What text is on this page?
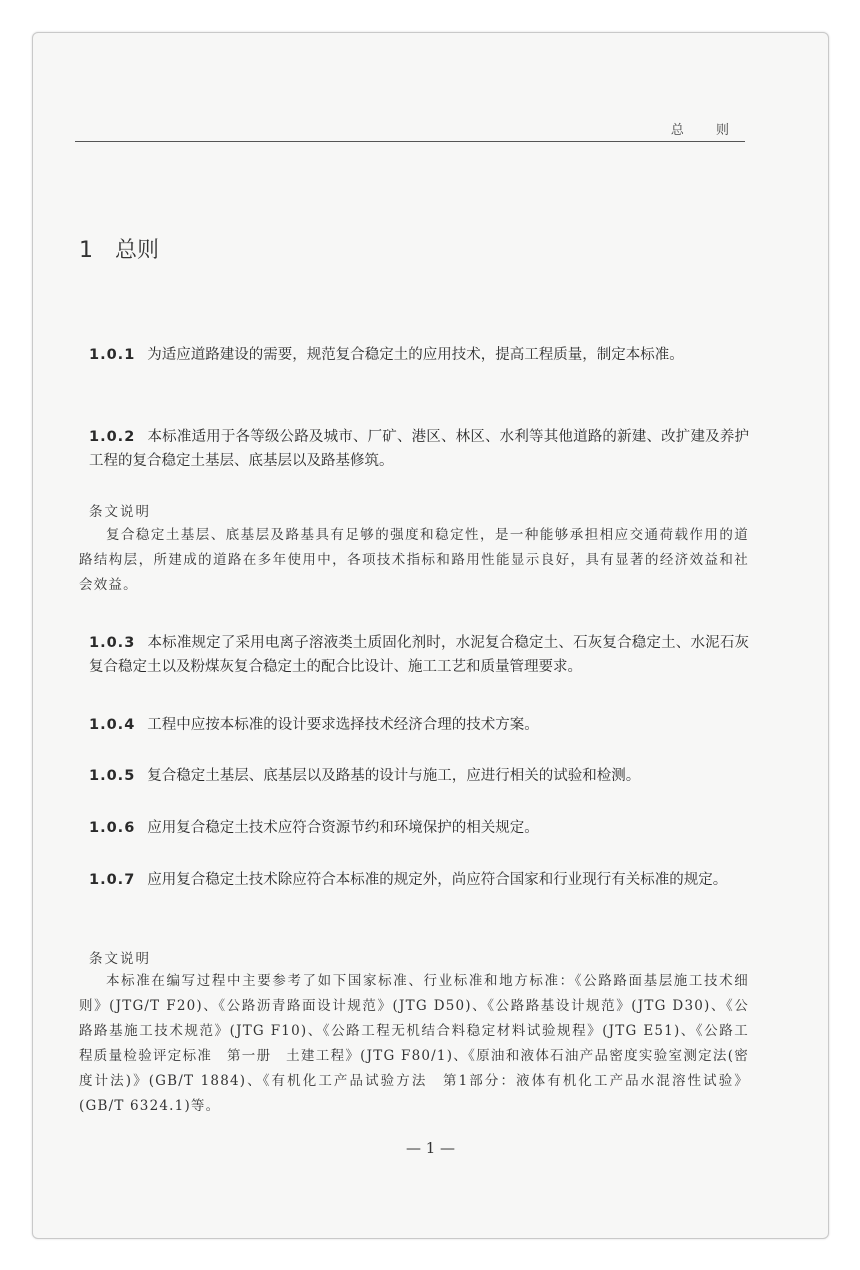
总 则
1 总则

1.0.1 为适应道路建设的需要，规范复合稳定土的应用技术，提高工程质量，制定本标准。

1.0.2 本标准适用于各等级公路及城市、厂矿、港区、林区、水利等其他道路的新建、改扩建及养护工程的复合稳定土基层、底基层以及路基修筑。

条文说明

复合稳定土基层、底基层及路基具有足够的强度和稳定性，是一种能够承担相应交通荷载作用的道路结构层，所建成的道路在多年使用中，各项技术指标和路用性能显示良好，具有显著的经济效益和社会效益。

1.0.3 本标准规定了采用电离子溶液类土质固化剂时，水泥复合稳定土、石灰复合稳定土、水泥石灰复合稳定土以及粉煤灰复合稳定土的配合比设计、施工工艺和质量管理要求。

1.0.4 工程中应按本标准的设计要求选择技术经济合理的技术方案。

1.0.5 复合稳定土基层、底基层以及路基的设计与施工，应进行相关的试验和检测。

1.0.6 应用复合稳定土技术应符合资源节约和环境保护的相关规定。

1.0.7 应用复合稳定土技术除应符合本标准的规定外，尚应符合国家和行业现行有关标准的规定。

条文说明

本标准在编写过程中主要参考了如下国家标准、行业标准和地方标准：《公路路面基层施工技术细则》(JTG/T F20)、《公路沥青路面设计规范》(JTG D50)、《公路路基设计规范》(JTG D30)、《公路路基施工技术规范》(JTG F10)、《公路工程无机结合料稳定材料试验规程》(JTG E51)、《公路工程质量检验评定标准　第一册　土建工程》(JTG F80/1)、《原油和液体石油产品密度实验室测定法(密度计法)》(GB/T 1884)、《有机化工产品试验方法　第1部分：液体有机化工产品水混溶性试验》(GB/T 6324.1)等。

— 1 —
